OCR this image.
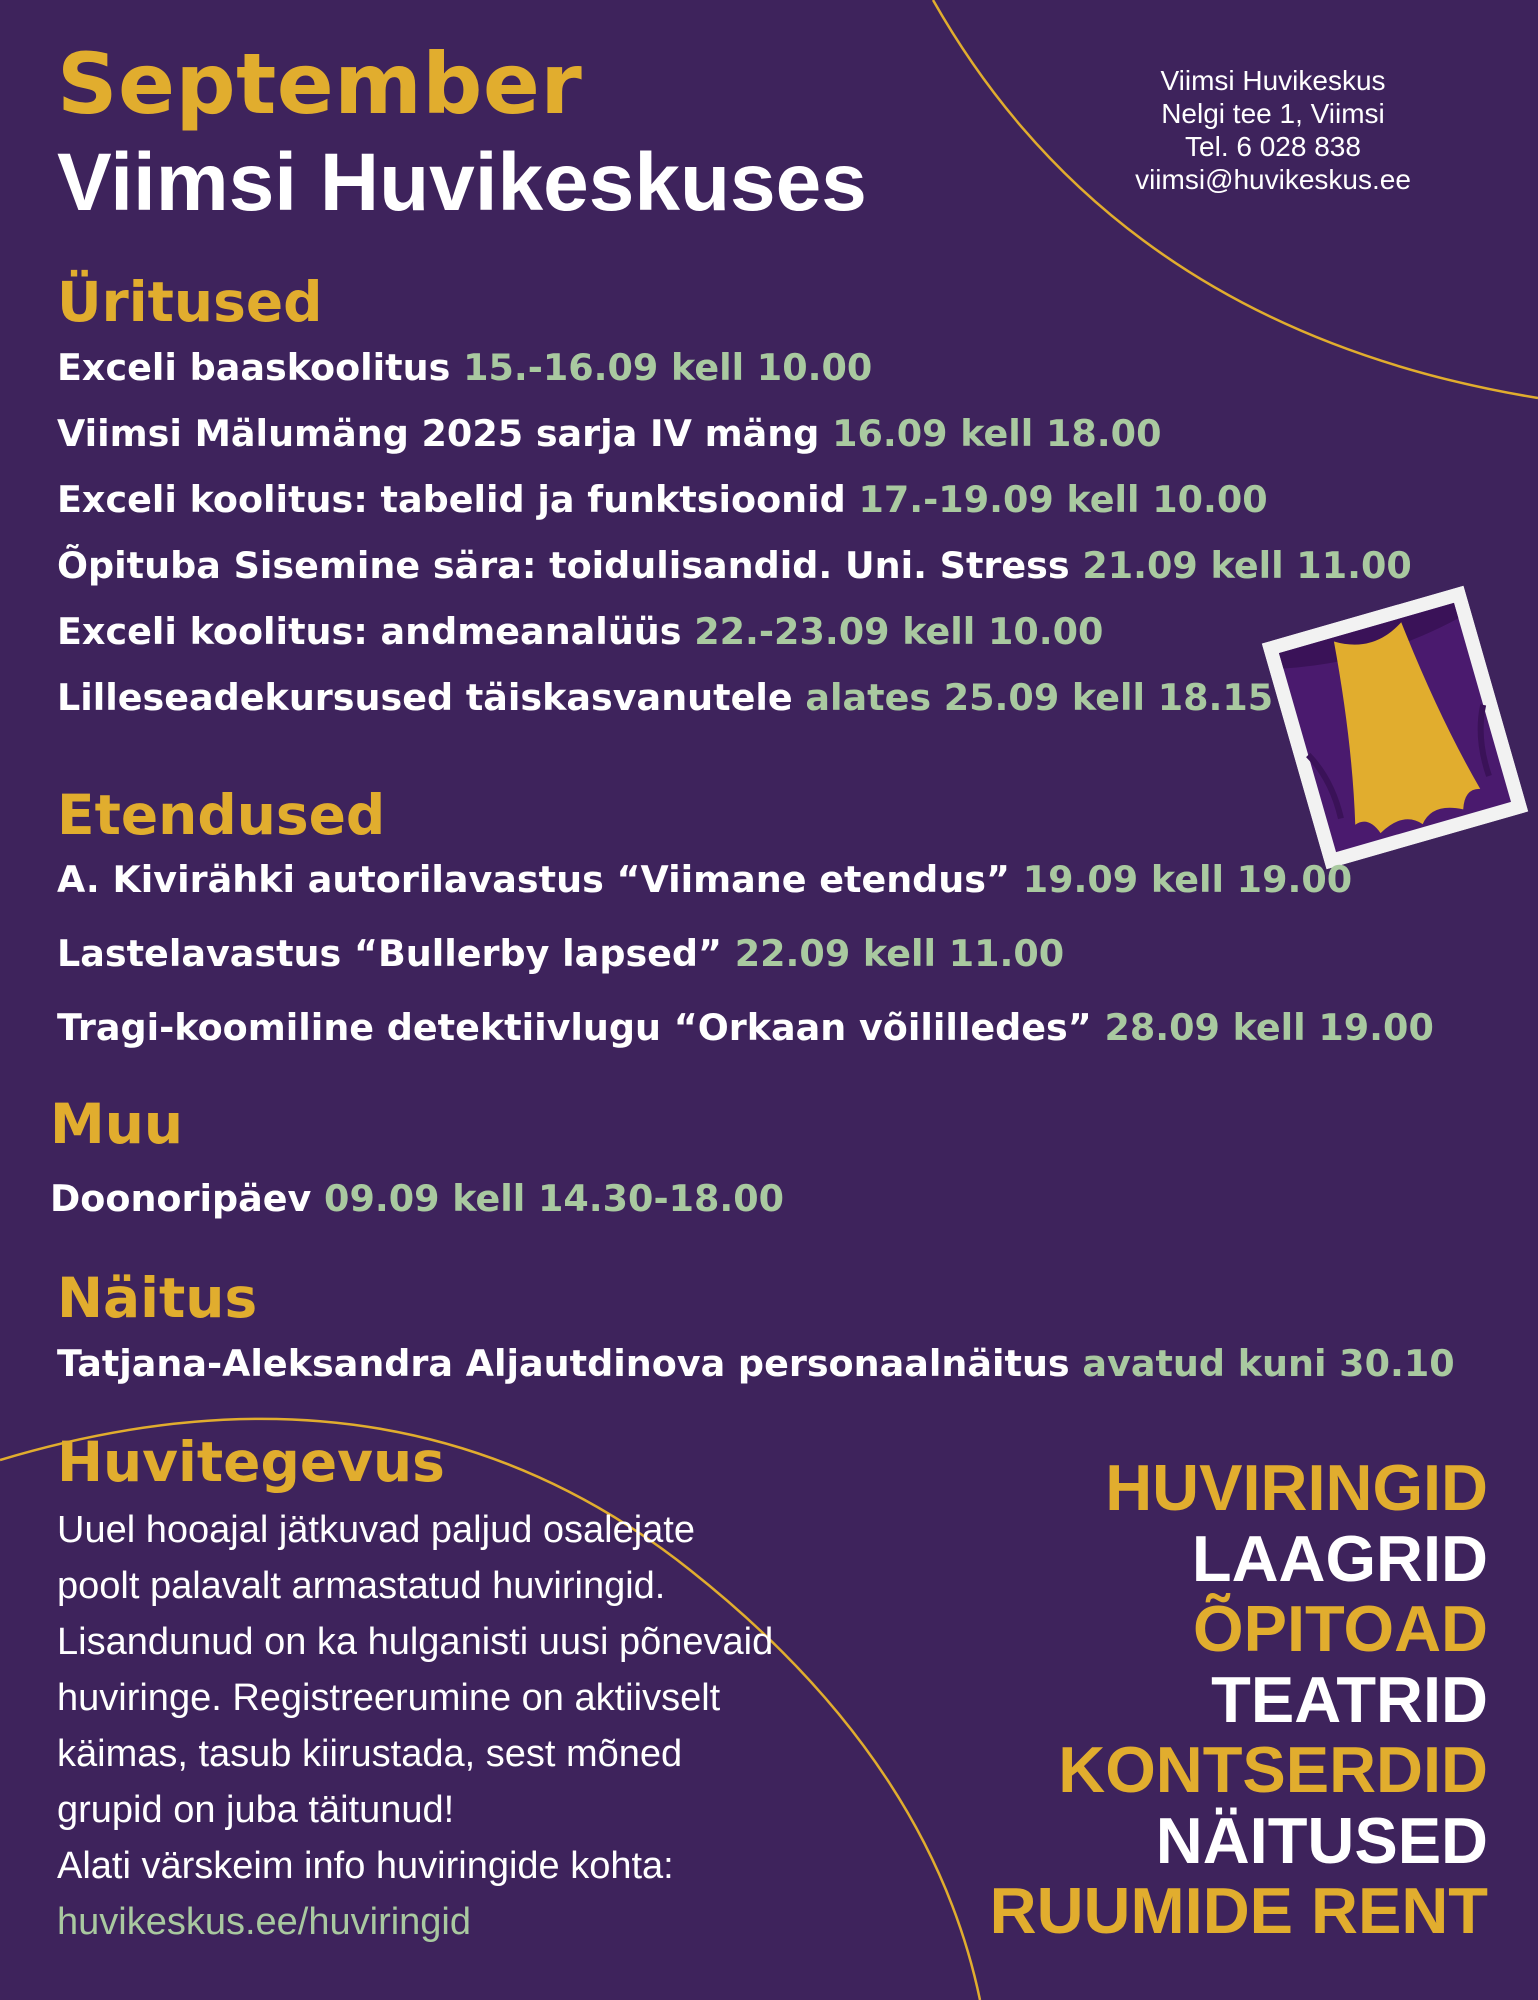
September
Viimsi Huvikeskuses
Viimsi Huvikeskus
Nelgi tee 1, Viimsi
Tel. 6 028 838
viimsi@huvikeskus.ee
Üritused
Exceli baaskoolitus 15.-16.09 kell 10.00
Viimsi Mälumäng 2025 sarja IV mäng 16.09 kell 18.00
Exceli koolitus: tabelid ja funktsioonid 17.-19.09 kell 10.00
Õpituba Sisemine sära: toidulisandid. Uni. Stress 21.09 kell 11.00
Exceli koolitus: andmeanalüüs 22.-23.09 kell 10.00
Lilleseadekursused täiskasvanutele alates 25.09 kell 18.15
Etendused
A. Kivirähki autorilavastus “Viimane etendus” 19.09 kell 19.00
Lastelavastus “Bullerby lapsed” 22.09 kell 11.00
Tragi-koomiline detektiivlugu “Orkaan võililledes” 28.09 kell 19.00
Muu
Doonoripäev 09.09 kell 14.30-18.00
Näitus
Tatjana-Aleksandra Aljautdinova personaalnäitus avatud kuni 30.10
Huvitegevus
Uuel hooajal jätkuvad paljud osalejate
poolt palavalt armastatud huviringid.
Lisandunud on ka hulganisti uusi põnevaid
huviringe. Registreerumine on aktiivselt
käimas, tasub kiirustada, sest mõned
grupid on juba täitunud!
Alati värskeim info huviringide kohta:
huvikeskus.ee/huviringid
HUVIRINGID
LAAGRID
ÕPITOAD
TEATRID
KONTSERDID
NÄITUSED
RUUMIDE RENT
